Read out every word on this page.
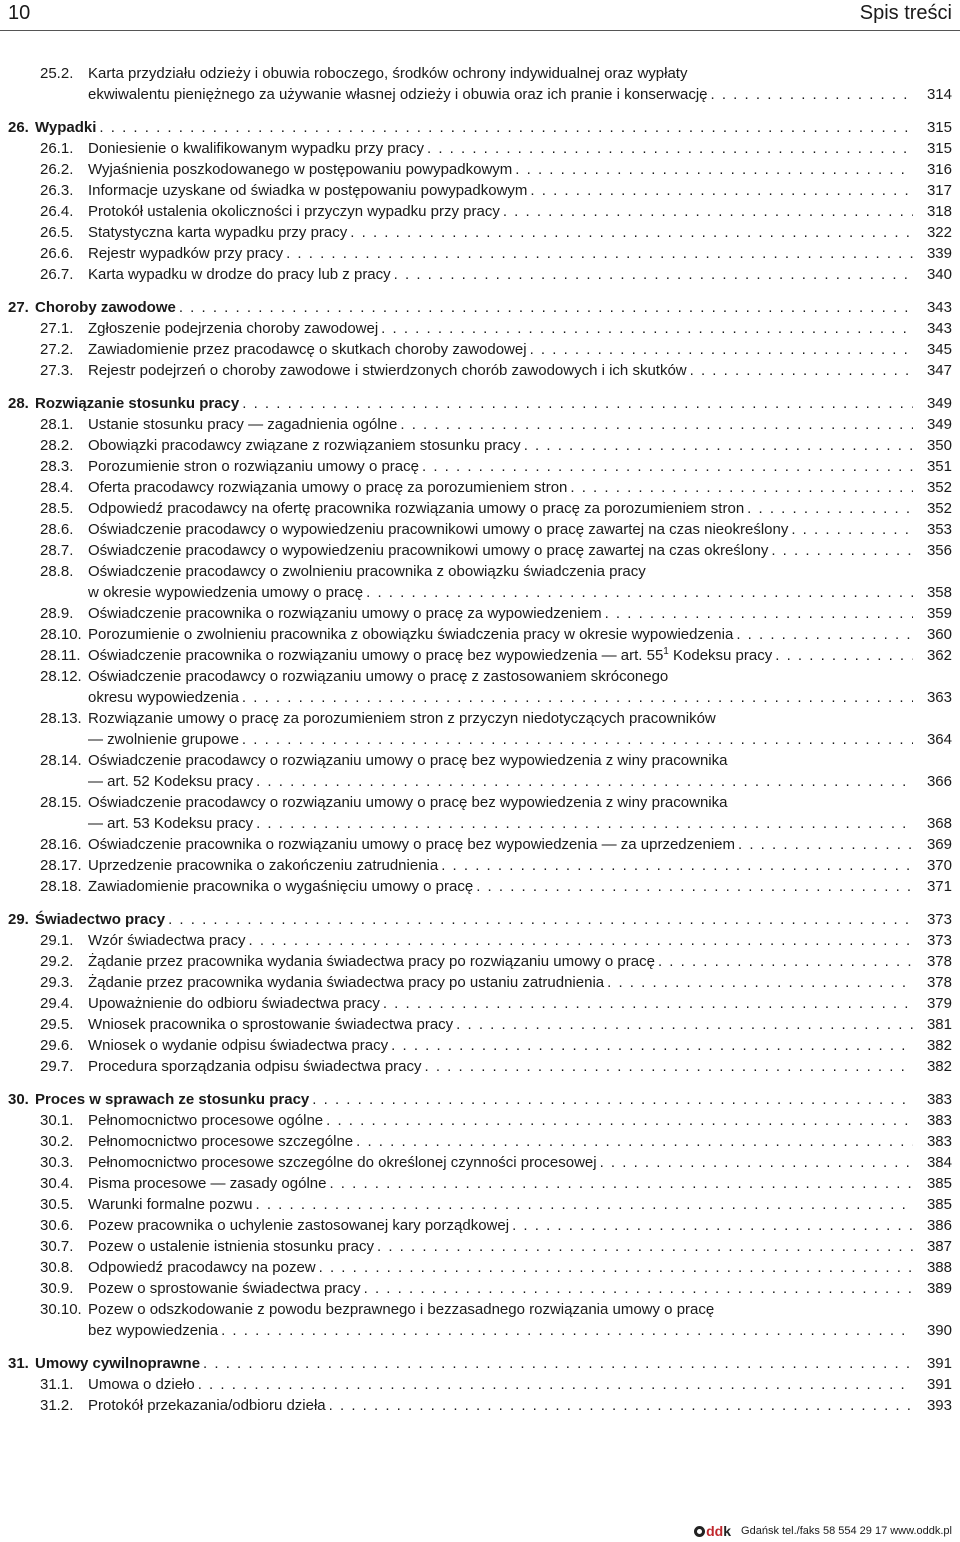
10	Spis treści
25.2. Karta przydziału odzieży i obuwia roboczego, środków ochrony indywidualnej oraz wypłaty
ekwiwalentu pieniężnego za używanie własnej odzieży i obuwia oraz ich pranie i konserwację . . .	314
26. Wypadki . . .	315
26.1. Doniesienie o kwalifikowanym wypadku przy pracy . . .	315
26.2. Wyjaśnienia poszkodowanego w postępowaniu powypadkowym . . .	316
26.3. Informacje uzyskane od świadka w postępowaniu powypadkowym . . .	317
26.4. Protokół ustalenia okoliczności i przyczyn wypadku przy pracy . . .	318
26.5. Statystyczna karta wypadku przy pracy . . .	322
26.6. Rejestr wypadków przy pracy . . .	339
26.7. Karta wypadku w drodze do pracy lub z pracy . . .	340
27. Choroby zawodowe . . .	343
27.1. Zgłoszenie podejrzenia choroby zawodowej . . .	343
27.2. Zawiadomienie przez pracodawcę o skutkach choroby zawodowej . . .	345
27.3. Rejestr podejrzeń o choroby zawodowe i stwierdzonych chorób zawodowych i ich skutków . . .	347
28. Rozwiązanie stosunku pracy . . .	349
28.1. Ustanie stosunku pracy — zagadnienia ogólne . . .	349
28.2. Obowiązki pracodawcy związane z rozwiązaniem stosunku pracy . . .	350
28.3. Porozumienie stron o rozwiązaniu umowy o pracę . . .	351
28.4. Oferta pracodawcy rozwiązania umowy o pracę za porozumieniem stron . . .	352
28.5. Odpowiedź pracodawcy na ofertę pracownika rozwiązania umowy o pracę za porozumieniem stron . . .	352
28.6. Oświadczenie pracodawcy o wypowiedzeniu pracownikowi umowy o pracę zawartej na czas nieokreślony . . .	353
28.7. Oświadczenie pracodawcy o wypowiedzeniu pracownikowi umowy o pracę zawartej na czas określony . . .	356
28.8. Oświadczenie pracodawcy o zwolnieniu pracownika z obowiązku świadczenia pracy
w okresie wypowiedzenia umowy o pracę . . .	358
28.9. Oświadczenie pracownika o rozwiązaniu umowy o pracę za wypowiedzeniem . . .	359
28.10. Porozumienie o zwolnieniu pracownika z obowiązku świadczenia pracy w okresie wypowiedzenia . . .	360
28.11. Oświadczenie pracownika o rozwiązaniu umowy o pracę bez wypowiedzenia — art. $55^1$ Kodeksu pracy . . .	362
28.12. Oświadczenie pracodawcy o rozwiązaniu umowy o pracę z zastosowaniem skróconego
okresu wypowiedzenia . . .	363
28.13. Rozwiązanie umowy o pracę za porozumieniem stron z przyczyn niedotyczących pracowników
— zwolnienie grupowe . . .	364
28.14. Oświadczenie pracodawcy o rozwiązaniu umowy o pracę bez wypowiedzenia z winy pracownika
— art. 52 Kodeksu pracy . . .	366
28.15. Oświadczenie pracodawcy o rozwiązaniu umowy o pracę bez wypowiedzenia z winy pracownika
— art. 53 Kodeksu pracy . . .	368
28.16. Oświadczenie pracownika o rozwiązaniu umowy o pracę bez wypowiedzenia — za uprzedzeniem . . .	369
28.17. Uprzedzenie pracownika o zakończeniu zatrudnienia . . .	370
28.18. Zawiadomienie pracownika o wygaśnięciu umowy o pracę . . .	371
29. Świadectwo pracy . . .	373
29.1. Wzór świadectwa pracy . . .	373
29.2. Żądanie przez pracownika wydania świadectwa pracy po rozwiązaniu umowy o pracę . . .	378
29.3. Żądanie przez pracownika wydania świadectwa pracy po ustaniu zatrudnienia . . .	378
29.4. Upoważnienie do odbioru świadectwa pracy . . .	379
29.5. Wniosek pracownika o sprostowanie świadectwa pracy . . .	381
29.6. Wniosek o wydanie odpisu świadectwa pracy . . .	382
29.7. Procedura sporządzania odpisu świadectwa pracy . . .	382
30. Proces w sprawach ze stosunku pracy . . .	383
30.1. Pełnomocnictwo procesowe ogólne . . .	383
30.2. Pełnomocnictwo procesowe szczególne . . .	383
30.3. Pełnomocnictwo procesowe szczególne do określonej czynności procesowej . . .	384
30.4. Pisma procesowe — zasady ogólne . . .	385
30.5. Warunki formalne pozwu . . .	385
30.6. Pozew pracownika o uchylenie zastosowanej kary porządkowej . . .	386
30.7. Pozew o ustalenie istnienia stosunku pracy . . .	387
30.8. Odpowiedź pracodawcy na pozew . . .	388
30.9. Pozew o sprostowanie świadectwa pracy . . .	389
30.10. Pozew o odszkodowanie z powodu bezprawnego i bezzasadnego rozwiązania umowy o pracę
bez wypowiedzenia . . .	390
31. Umowy cywilnoprawne . . .	391
31.1. Umowa o dzieło . . .	391
31.2. Protokół przekazania/odbioru dzieła . . .	393
dd k Gdańsk tel./faks 58 554 29 17 www.oddk.pl
